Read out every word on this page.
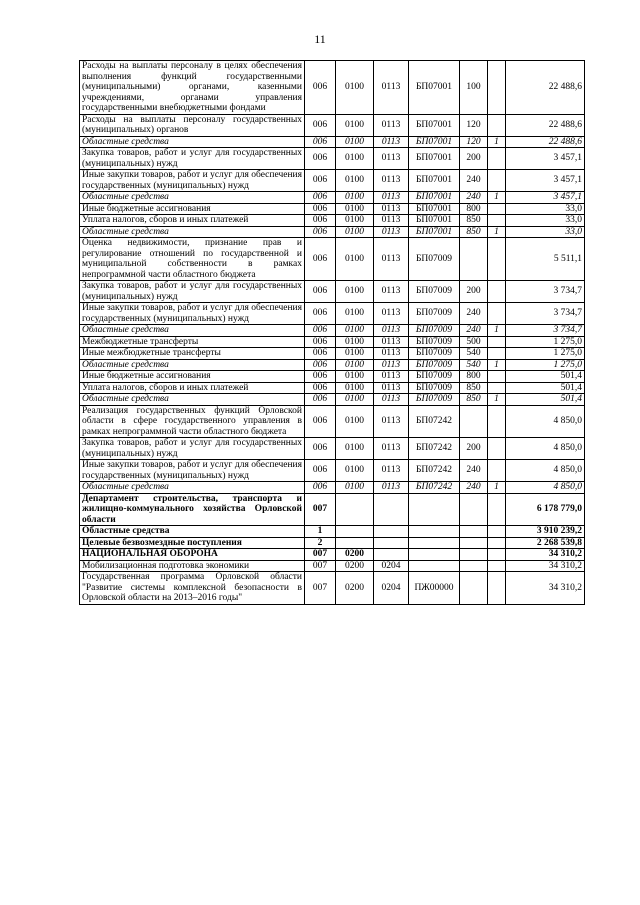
11
Расходы на выплаты персоналу в целях обеспечения выполнения функций государственными (муниципальными) органами, казенными учреждениями, органами управления государственными внебюджетными фондами	006	0100	0113	БП07001	100		22 488,6
Расходы на выплаты персоналу государственных (муниципальных) органов	006	0100	0113	БП07001	120		22 488,6
Областные средства	006	0100	0113	БП07001	120	1	22 488,6
Закупка товаров, работ и услуг для государственных (муниципальных) нужд	006	0100	0113	БП07001	200		3 457,1
Иные закупки товаров, работ и услуг для обеспечения государственных (муниципальных) нужд	006	0100	0113	БП07001	240		3 457,1
Областные средства	006	0100	0113	БП07001	240	1	3 457,1
Иные бюджетные ассигнования	006	0100	0113	БП07001	800		33,0
Уплата налогов, сборов и иных платежей	006	0100	0113	БП07001	850		33,0
Областные средства	006	0100	0113	БП07001	850	1	33,0
Оценка недвижимости, признание прав и регулирование отношений по государственной и муниципальной собственности в рамках непрограммной части областного бюджета	006	0100	0113	БП07009			5 511,1
Закупка товаров, работ и услуг для государственных (муниципальных) нужд	006	0100	0113	БП07009	200		3 734,7
Иные закупки товаров, работ и услуг для обеспечения государственных (муниципальных) нужд	006	0100	0113	БП07009	240		3 734,7
Областные средства	006	0100	0113	БП07009	240	1	3 734,7
Межбюджетные трансферты	006	0100	0113	БП07009	500		1 275,0
Иные межбюджетные трансферты	006	0100	0113	БП07009	540		1 275,0
Областные средства	006	0100	0113	БП07009	540	1	1 275,0
Иные бюджетные ассигнования	006	0100	0113	БП07009	800		501,4
Уплата налогов, сборов и иных платежей	006	0100	0113	БП07009	850		501,4
Областные средства	006	0100	0113	БП07009	850	1	501,4
Реализация государственных функций Орловской области в сфере государственного управления в рамках непрограммной части областного бюджета	006	0100	0113	БП07242			4 850,0
Закупка товаров, работ и услуг для государственных (муниципальных) нужд	006	0100	0113	БП07242	200		4 850,0
Иные закупки товаров, работ и услуг для обеспечения государственных (муниципальных) нужд	006	0100	0113	БП07242	240		4 850,0
Областные средства	006	0100	0113	БП07242	240	1	4 850,0
Департамент строительства, транспорта и жилищно-коммунального хозяйства Орловской области	007						6 178 779,0
Областные средства	1						3 910 239,2
Целевые безвозмездные поступления	2						2 268 539,8
НАЦИОНАЛЬНАЯ ОБОРОНА	007	0200					34 310,2
Мобилизационная подготовка экономики	007	0200	0204				34 310,2
Государственная программа Орловской области "Развитие системы комплексной безопасности в Орловской области на 2013–2016 годы"	007	0200	0204	ПЖ00000			34 310,2
